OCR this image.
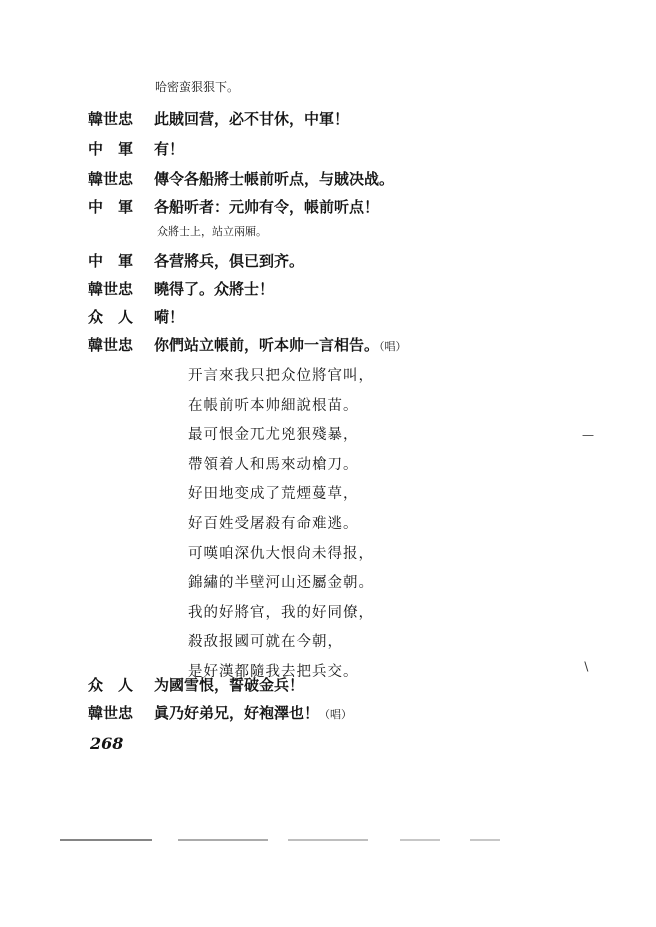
哈密蛮狠狠下。
韓世忠 此賊回营，必不甘休，中軍！
中　軍 有！
韓世忠 傳令各船將士帳前听点，与賊决战。
中　軍 各船听者：元帅有令，帳前听点！
众將士上，站立兩厢。
中　軍 各营將兵，俱已到齐。
韓世忠 曉得了。众將士！
众　人 嗬！
韓世忠 你們站立帳前，听本帅一言相告。（唱）
开言來我只把众位將官叫，
在帳前听本帅細說根苗。
最可恨金兀尤兇狠殘暴，
帶領着人和馬來动槍刀。
好田地变成了荒煙蔓草，
好百姓受屠殺有命难逃。
可嘆咱深仇大恨尙未得报，
錦繡的半壁河山还屬金朝。
我的好將官，我的好同僚，
殺敌报國可就在今朝，
是好漢都隨我去把兵交。
众　人 为國雪恨，誓破金兵！
韓世忠 眞乃好弟兄，好袍澤也！（唱）
268
—
∖
